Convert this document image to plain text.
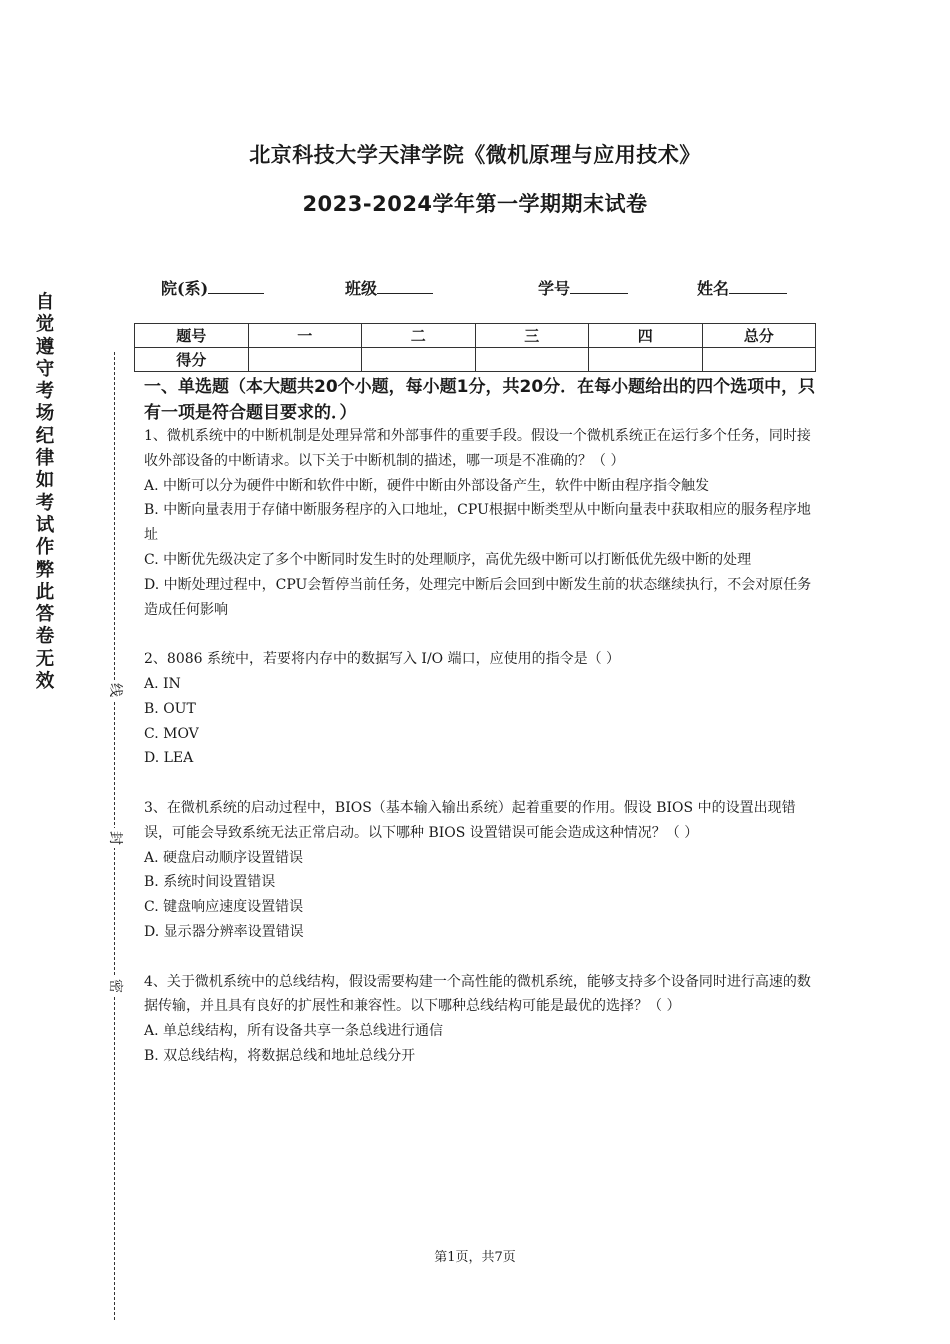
北京科技大学天津学院《微机原理与应用技术》
2023-2024学年第一学期期末试卷
院(系)	班级	学号	姓名
题号	一	二	三	四	总分
得分					
自
觉
遵
守
考
场
纪
律
如
考
试
作
弊
此
答
卷
无
效	线
封
密
一、单选题（本大题共20个小题，每小题1分，共20分．在每小题给出的四个选项中，只有一项是符合题目要求的．）

1、微机系统中的中断机制是处理异常和外部事件的重要手段。假设一个微机系统正在运行多个任务，同时接收外部设备的中断请求。以下关于中断机制的描述，哪一项是不准确的？（ ）

A. 中断可以分为硬件中断和软件中断，硬件中断由外部设备产生，软件中断由程序指令触发

B. 中断向量表用于存储中断服务程序的入口地址，CPU根据中断类型从中断向量表中获取相应的服务程序地址

C. 中断优先级决定了多个中断同时发生时的处理顺序，高优先级中断可以打断低优先级中断的处理

D. 中断处理过程中，CPU会暂停当前任务，处理完中断后会回到中断发生前的状态继续执行，不会对原任务造成任何影响

2、8086 系统中，若要将内存中的数据写入 I/O 端口，应使用的指令是（ ）

A. IN

B. OUT

C. MOV

D. LEA

3、在微机系统的启动过程中，BIOS（基本输入输出系统）起着重要的作用。假设 BIOS 中的设置出现错误，可能会导致系统无法正常启动。以下哪种 BIOS 设置错误可能会造成这种情况？（ ）

A. 硬盘启动顺序设置错误

B. 系统时间设置错误

C. 键盘响应速度设置错误

D. 显示器分辨率设置错误

4、关于微机系统中的总线结构，假设需要构建一个高性能的微机系统，能够支持多个设备同时进行高速的数据传输，并且具有良好的扩展性和兼容性。以下哪种总线结构可能是最优的选择？（ ）

A. 单总线结构，所有设备共享一条总线进行通信

B. 双总线结构，将数据总线和地址总线分开

第1页，共7页
